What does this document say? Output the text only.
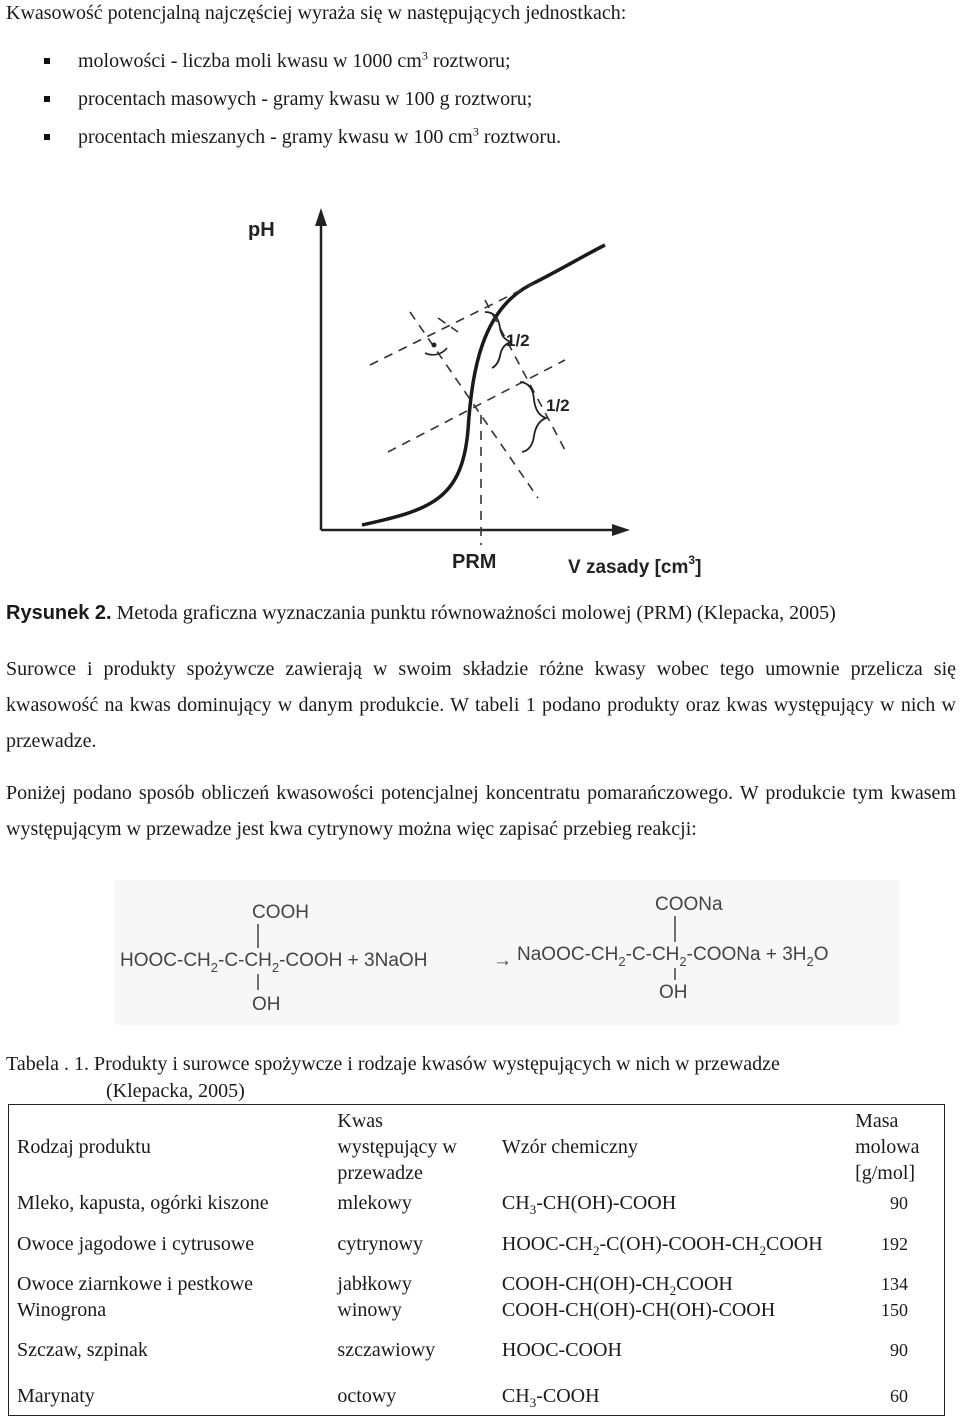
Kwasowość potencjalną najczęściej wyraża się w następujących jednostkach:
molowości - liczba moli kwasu w 1000 $cm^3$ roztworu;
procentach masowych - gramy kwasu w 100 g roztworu;
procentach mieszanych - gramy kwasu w 100 $cm^3$ roztworu.
pH
1/2
1/2
PRM	V zasady $[cm^3]$
Rysunek 2. Metoda graficzna wyznaczania punktu równoważności molowej (PRM) (Klepacka, 2005)
Surowce i produkty spożywcze zawierają w swoim składzie różne kwasy wobec tego umownie przelicza się kwasowość na kwas dominujący w danym produkcie. W tabeli 1 podano produkty oraz kwas występujący w nich w przewadze.
Poniżej podano sposób obliczeń kwasowości potencjalnej koncentratu pomarańczowego. W produkcie tym kwasem występującym w przewadze jest kwa cytrynowy można więc zapisać przebieg reakcji:
COOH
HOOC-$CH_2-C-CH_2$-COOH + 3NaOH
OH
→
COONa
NaOOC-$CH_2-C-CH_2$-COONa + $3H_2O$
OH
Tabela . 1. Produkty i surowce spożywcze i rodzaje kwasów występujących w nich w przewadze
(Klepacka, 2005)
Rodzaj produktu	Kwas występujący w przewadze	Wzór chemiczny	Masa molowa [g/mol]
Mleko, kapusta, ogórki kiszone	mlekowy	$CH_3-CH(OH)$-COOH	90
Owoce jagodowe i cytrusowe	cytrynowy	HOOC-$CH_2-C(OH)-COOH-CH_2COOH$	192
Owoce ziarnkowe i pestkowe	jabłkowy	COOH-$CH(OH)-CH_2COOH$	134
Winogrona	winowy	COOH-CH(OH)-CH(OH)-COOH	150
Szczaw, szpinak	szczawiowy	HOOC-COOH	90
Marynaty	octowy	$CH_3$-COOH	60
